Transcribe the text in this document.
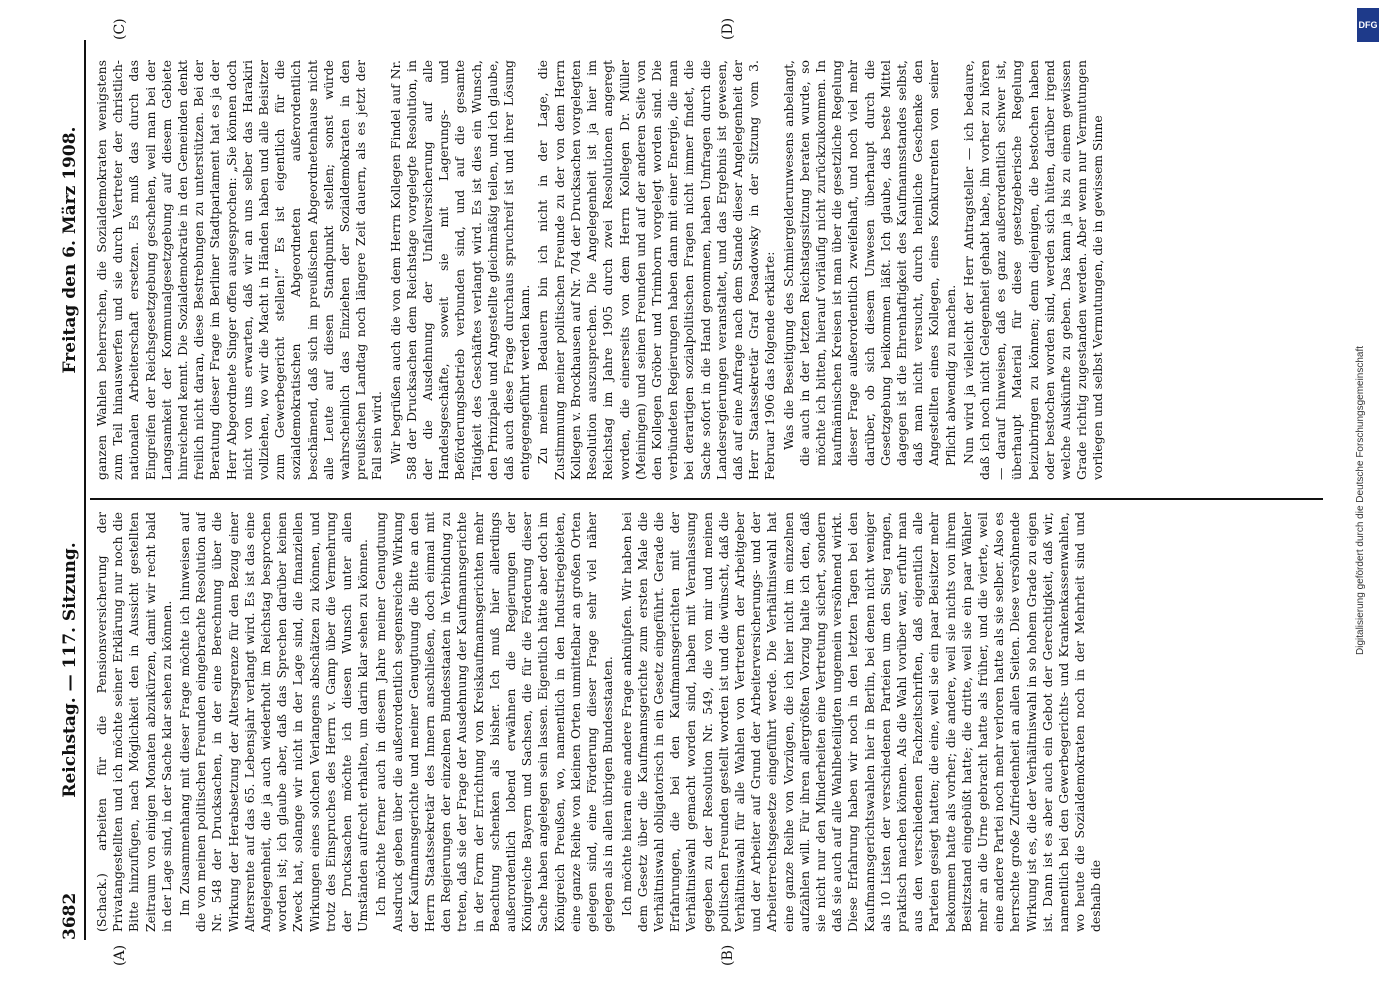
3682
Reichstag. — 117. Sitzung.
Freitag den 6. März 1908.
(A)	(B)
(C)	(D)

(Schack.) arbeiten für die Pensionsversicherung der Privatangestellten und ich möchte seiner Erklärung nur noch die Bitte hinzufügen, nach Möglichkeit den in Aussicht gestellten Zeitraum von einigen Monaten abzukürzen, damit wir recht bald in der Lage sind, in der Sache klar sehen zu können. Im Zusammenhang mit dieser Frage möchte ich hinweisen auf die von meinen politischen Freunden eingebrachte Resolution auf Nr. 548 der Drucksachen, in der eine Berechnung über die Wirkung der Herabsetzung der Altersgrenze für den Bezug einer Altersrente auf das 65. Lebensjahr verlangt wird. Es ist das eine Angelegenheit, die ja auch wiederholt im Reichstag besprochen worden ist; ich glaube aber, daß das Sprechen darüber keinen Zweck hat, solange wir nicht in der Lage sind, die finanziellen Wirkungen eines solchen Verlangens abschätzen zu können, und trotz des Einspruches des Herrn v. Gamp über die Vermehrung der Drucksachen möchte ich diesen Wunsch unter allen Umständen aufrecht erhalten, um darin klar sehen zu können. Ich möchte ferner auch in diesem Jahre meiner Genugtuung Ausdruck geben über die außerordentlich segensreiche Wirkung der Kaufmannsgerichte und meiner Genugtuung die Bitte an den Herrn Staatssekretär des Innern anschließen, doch einmal mit den Regierungen der einzelnen Bundesstaaten in Verbindung zu treten, daß sie der Frage der Ausdehnung der Kaufmannsgerichte in der Form der Errichtung von Kreiskaufmannsgerichten mehr Beachtung schenken als bisher. Ich muß hier allerdings außerordentlich lobend erwähnen die Regierungen der Königreiche Bayern und Sachsen, die für die Förderung dieser Sache haben angelegen sein lassen. Eigentlich hätte aber doch im Königreich Preußen, wo, namentlich in den Industriegebieten, eine ganze Reihe von kleinen Orten unmittelbar an großen Orten gelegen sind, eine Förderung dieser Frage sehr viel näher gelegen als in allen übrigen Bundesstaaten. Ich möchte hieran eine andere Frage anknüpfen. Wir haben bei dem Gesetz über die Kaufmannsgerichte zum ersten Male die Verhältniswahl obligatorisch in ein Gesetz eingeführt. Gerade die Erfahrungen, die bei den Kaufmannsgerichten mit der Verhältniswahl gemacht worden sind, haben mit Veranlassung gegeben zu der Resolution Nr. 549, die von mir und meinen politischen Freunden gestellt worden ist und die wünscht, daß die Verhältniswahl für alle Wahlen von Vertretern der Arbeitgeber und der Arbeiter auf Grund der Arbeiterversicherungs- und der Arbeiterrechtsgesetze eingeführt werde. Die Verhältniswahl hat eine ganze Reihe von Vorzügen, die ich hier nicht im einzelnen aufzählen will. Für ihren allergrößten Vorzug halte ich den, daß sie nicht nur den Minderheiten eine Vertretung sichert, sondern daß sie auch auf alle Wahlbeteiligten ungemein versöhnend wirkt. Diese Erfahrung haben wir noch in den letzten Tagen bei den Kaufmannsgerichtswahlen hier in Berlin, bei denen nicht weniger als 10 Listen der verschiedenen Parteien um den Sieg rangen, praktisch machen können. Als die Wahl vorüber war, erfuhr man aus den verschiedenen Fachzeitschriften, daß eigentlich alle Parteien gesiegt hatten; die eine, weil sie ein paar Beisitzer mehr bekommen hatte als vorher; die andere, weil sie nichts von ihrem Besitzstand eingebüßt hatte; die dritte, weil sie ein paar Wähler mehr an die Urne gebracht hatte als früher, und die vierte, weil eine andere Partei noch mehr verloren hatte als sie selber. Also es herrschte große Zufriedenheit an allen Seiten. Diese versöhnende Wirkung ist es, die der Verhältniswahl in so hohem Grade zu eigen ist. Dann ist es aber auch ein Gebot der Gerechtigkeit, daß wir, namentlich bei den Gewerbegerichts- und Krankenkassenwahlen, wo heute die Sozialdemokraten noch in der Mehrheit sind und deshalb die

ganzen Wahlen beherrschen, die Sozialdemokraten wenigstens zum Teil hinauswerfen und sie durch Vertreter der christlich-nationalen Arbeiterschaft ersetzen. Es muß das durch das Eingreifen der Reichsgesetzgebung geschehen, weil man bei der Langsamkeit der Kommunalgesetzgebung auf diesem Gebiete hinreichend kennt. Die Sozialdemokratie in den Gemeinden denkt freilich nicht daran, diese Bestrebungen zu unterstützen. Bei der Beratung dieser Frage im Berliner Stadtparlament hat es ja der Herr Abgeordnete Singer offen ausgesprochen: „Sie können doch nicht von uns erwarten, daß wir an uns selber das Harakiri vollziehen, wo wir die Macht in Händen haben und alle Beisitzer zum Gewerbegericht stellen!“ Es ist eigentlich für die sozialdemokratischen Abgeordneten außerordentlich beschämend, daß sich im preußischen Abgeordnetenhause nicht alle Leute auf diesen Standpunkt stellen; sonst würde wahrscheinlich das Einziehen der Sozialdemokraten in den preußischen Landtag noch längere Zeit dauern, als es jetzt der Fall sein wird. Wir begrüßen auch die von dem Herrn Kollegen Findel auf Nr. 588 der Drucksachen dem Reichstage vorgelegte Resolution, in der die Ausdehnung der Unfallversicherung auf alle Handelsgeschäfte, soweit sie mit Lagerungs- und Beförderungsbetrieb verbunden sind, und auf die gesamte Tätigkeit des Geschäftes verlangt wird. Es ist dies ein Wunsch, den Prinzipale und Angestellte gleichmäßig teilen, und ich glaube, daß auch diese Frage durchaus spruchreif ist und ihrer Lösung entgegengeführt werden kann. Zu meinem Bedauern bin ich nicht in der Lage, die Zustimmung meiner politischen Freunde zu der von dem Herrn Kollegen v. Brockhausen auf Nr. 704 der Drucksachen vorgelegten Resolution auszusprechen. Die Angelegenheit ist ja hier im Reichstag im Jahre 1905 durch zwei Resolutionen angeregt worden, die einerseits von dem Herrn Kollegen Dr. Müller (Meiningen) und seinen Freunden und auf der anderen Seite von den Kollegen Gröber und Trimborn vorgelegt worden sind. Die verbündeten Regierungen haben dann mit einer Energie, die man bei derartigen sozialpolitischen Fragen nicht immer findet, die Sache sofort in die Hand genommen, haben Umfragen durch die Landesregierungen veranstaltet, und das Ergebnis ist gewesen, daß auf eine Anfrage nach dem Stande dieser Angelegenheit der Herr Staatssekretär Graf Posadowsky in der Sitzung vom 3. Februar 1906 das folgende erklärte: Was die Beseitigung des Schmiergelderunwesens anbelangt, die auch in der letzten Reichstagssitzung beraten wurde, so möchte ich bitten, hierauf vorläufig nicht zurückzukommen. In kaufmännischen Kreisen ist man über die gesetzliche Regelung dieser Frage außerordentlich zweifelhaft, und noch viel mehr darüber, ob sich diesem Unwesen überhaupt durch die Gesetzgebung beikommen läßt. Ich glaube, das beste Mittel dagegen ist die Ehrenhaftigkeit des Kaufmannsstandes selbst, daß man nicht versucht, durch heimliche Geschenke den Angestellten eines Kollegen, eines Konkurrenten von seiner Pflicht abwendig zu machen. Nun wird ja vielleicht der Herr Antragsteller — ich bedaure, daß ich noch nicht Gelegenheit gehabt habe, ihn vorher zu hören — darauf hinweisen, daß es ganz außerordentlich schwer ist, überhaupt Material für diese gesetzgeberische Regelung beizubringen zu können; denn diejenigen, die bestochen haben oder bestochen worden sind, werden sich hüten, darüber irgend welche Auskünfte zu geben. Das kann ja bis zu einem gewissen Grade richtig zugestanden werden. Aber wenn nur Vermutungen vorliegen und selbst Vermutungen, die in gewissem Sinne

Digitalisierung gefördert durch die Deutsche Forschungsgemeinschaft
DFG
